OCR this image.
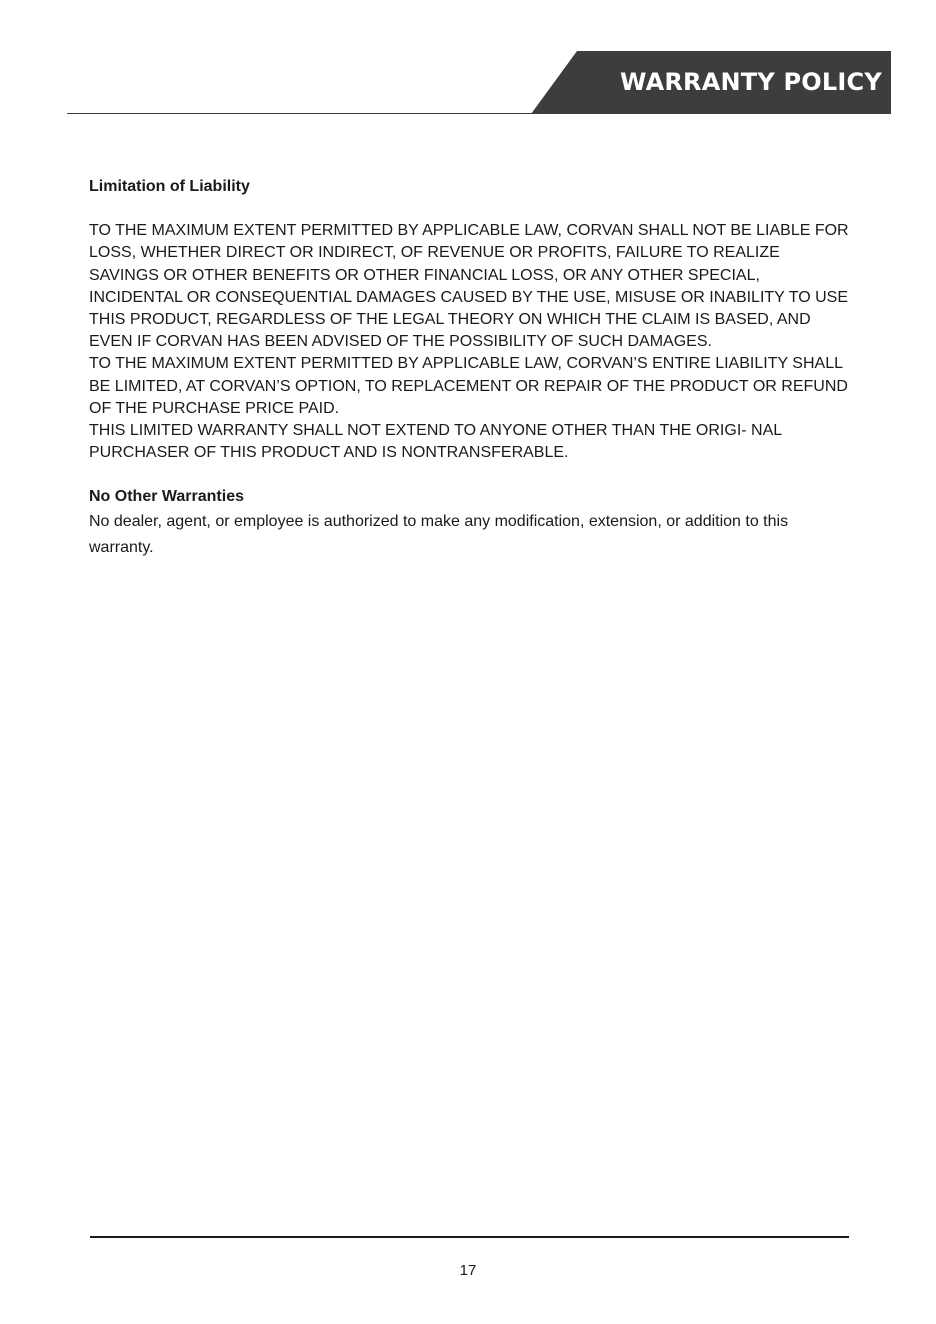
WARRANTY POLICY

Limitation of Liability

TO THE MAXIMUM EXTENT PERMITTED BY APPLICABLE LAW, CORVAN SHALL NOT BE LIABLE FOR LOSS, WHETHER DIRECT OR INDIRECT, OF REVENUE OR PROFITS, FAILURE TO REALIZE SAVINGS OR OTHER BENEFITS OR OTHER FINANCIAL LOSS, OR ANY OTHER SPECIAL, INCIDENTAL OR CONSEQUENTIAL DAMAGES CAUSED BY THE USE, MISUSE OR INABILITY TO USE THIS PRODUCT, REGARDLESS OF THE LEGAL THEORY ON WHICH THE CLAIM IS BASED, AND EVEN IF CORVAN HAS BEEN ADVISED OF THE POSSIBILITY OF SUCH DAMAGES.

TO THE MAXIMUM EXTENT PERMITTED BY APPLICABLE LAW, CORVAN’S ENTIRE LIABILITY SHALL BE LIMITED, AT CORVAN’S OPTION, TO REPLACEMENT OR REPAIR OF THE PRODUCT OR REFUND OF THE PURCHASE PRICE PAID.

THIS LIMITED WARRANTY SHALL NOT EXTEND TO ANYONE OTHER THAN THE ORIGI- NAL PURCHASER OF THIS PRODUCT AND IS NONTRANSFERABLE.

No Other Warranties

No dealer, agent, or employee is authorized to make any modification, extension, or addition to this warranty.

17
